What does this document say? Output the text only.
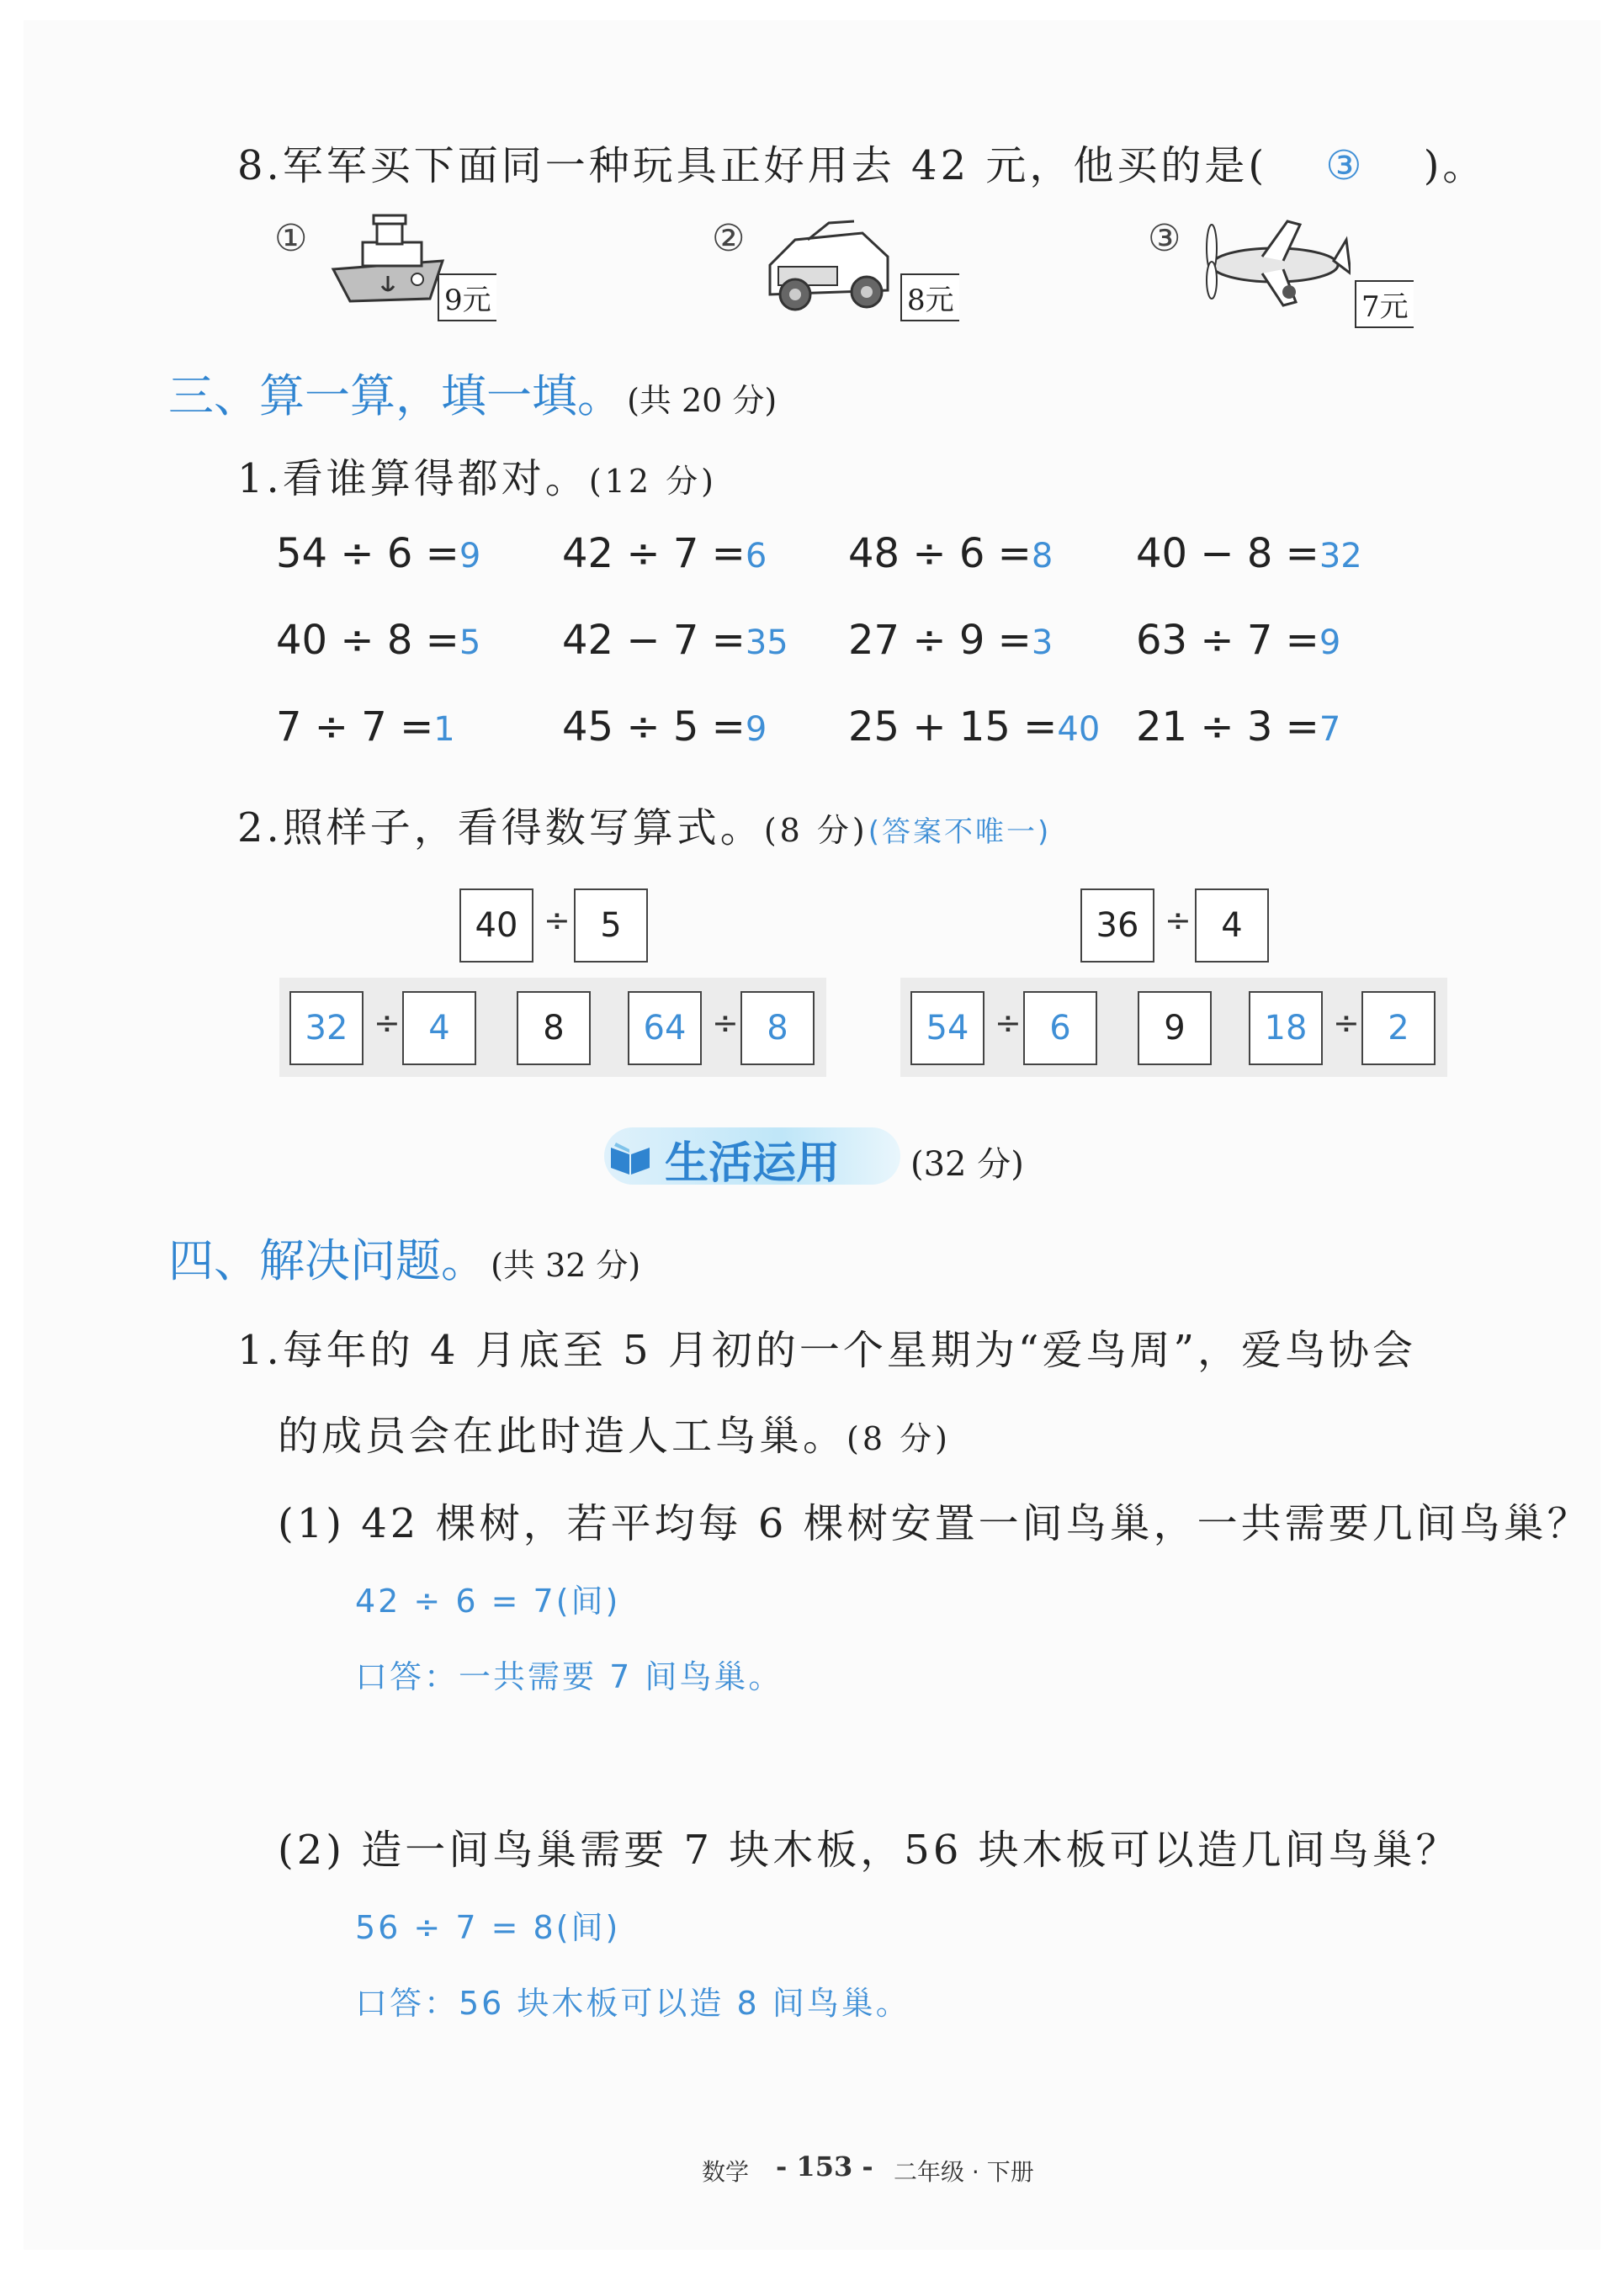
8.军军买下面同一种玩具正好用去 42 元，他买的是( ③ )。
①
9元
②
8元
③
7元
三、算一算，填一填。 (共 20 分)
1.看谁算得都对。(12 分)
54 ÷ 6 =9 42 ÷ 7 =6 48 ÷ 6 =8 40 − 8 =32
40 ÷ 8 =5 42 − 7 =35 27 ÷ 9 =3 63 ÷ 7 =9
7 ÷ 7 =1	45 ÷ 5 =9 25 + 15 =40 21 ÷ 3 =7
2.照样子，看得数写算式。(8 分)(答案不唯一)
40 ÷ 5	36 ÷ 4
32 ÷ 4	8	64 ÷ 8	54 ÷ 6	9	18 ÷ 2
生活运用 (32 分)
四、解决问题。 (共 32 分)
1.每年的 4 月底至 5 月初的一个星期为“爱鸟周”，爱鸟协会
的成员会在此时造人工鸟巢。(8 分)
(1) 42 棵树，若平均每 6 棵树安置一间鸟巢，一共需要几间鸟巢？
42 ÷ 6 = 7(间)
口答：一共需要 7 间鸟巢。
(2) 造一间鸟巢需要 7 块木板，56 块木板可以造几间鸟巢？
56 ÷ 7 = 8(间)
口答：56 块木板可以造 8 间鸟巢。
数学 - 153 - 二年级 · 下册
